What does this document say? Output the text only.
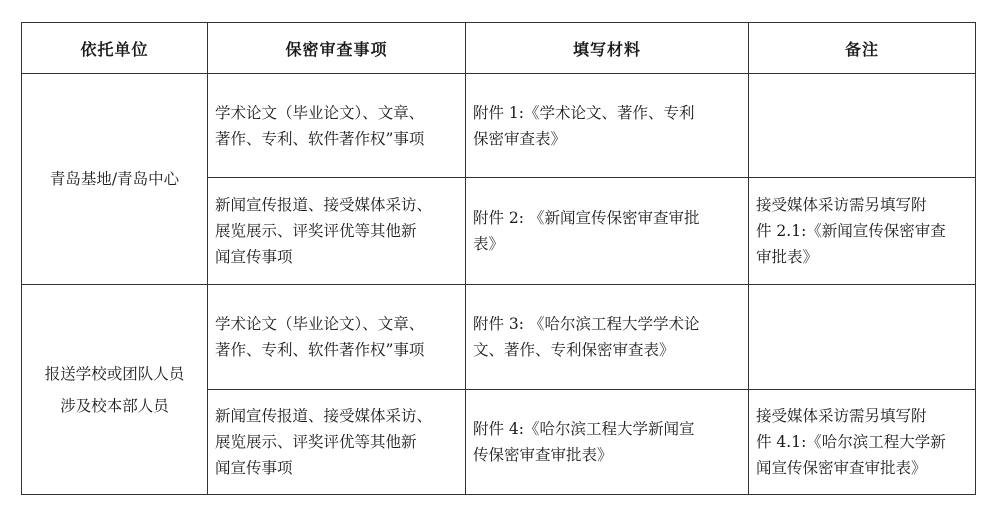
依托单位	保密审查事项	填写材料	备注

青岛基地/青岛中心	学术论文（毕业论文）、文章、
著作、专利、软件著作权”事项	附件 1:《学术论文、著作、专利
保密审查表》	

	新闻宣传报道、接受媒体采访、
展览展示、评奖评优等其他新
闻宣传事项	附件 2: 《新闻宣传保密审查审批
表》	接受媒体采访需另填写附
件 2.1:《新闻宣传保密审查
审批表》

报送学校或团队人员
涉及校本部人员	学术论文（毕业论文）、文章、
著作、专利、软件著作权”事项	附件 3: 《哈尔滨工程大学学术论
文、著作、专利保密审查表》	

	新闻宣传报道、接受媒体采访、
展览展示、评奖评优等其他新
闻宣传事项	附件 4:《哈尔滨工程大学新闻宣
传保密审查审批表》	接受媒体采访需另填写附
件 4.1:《哈尔滨工程大学新
闻宣传保密审查审批表》
